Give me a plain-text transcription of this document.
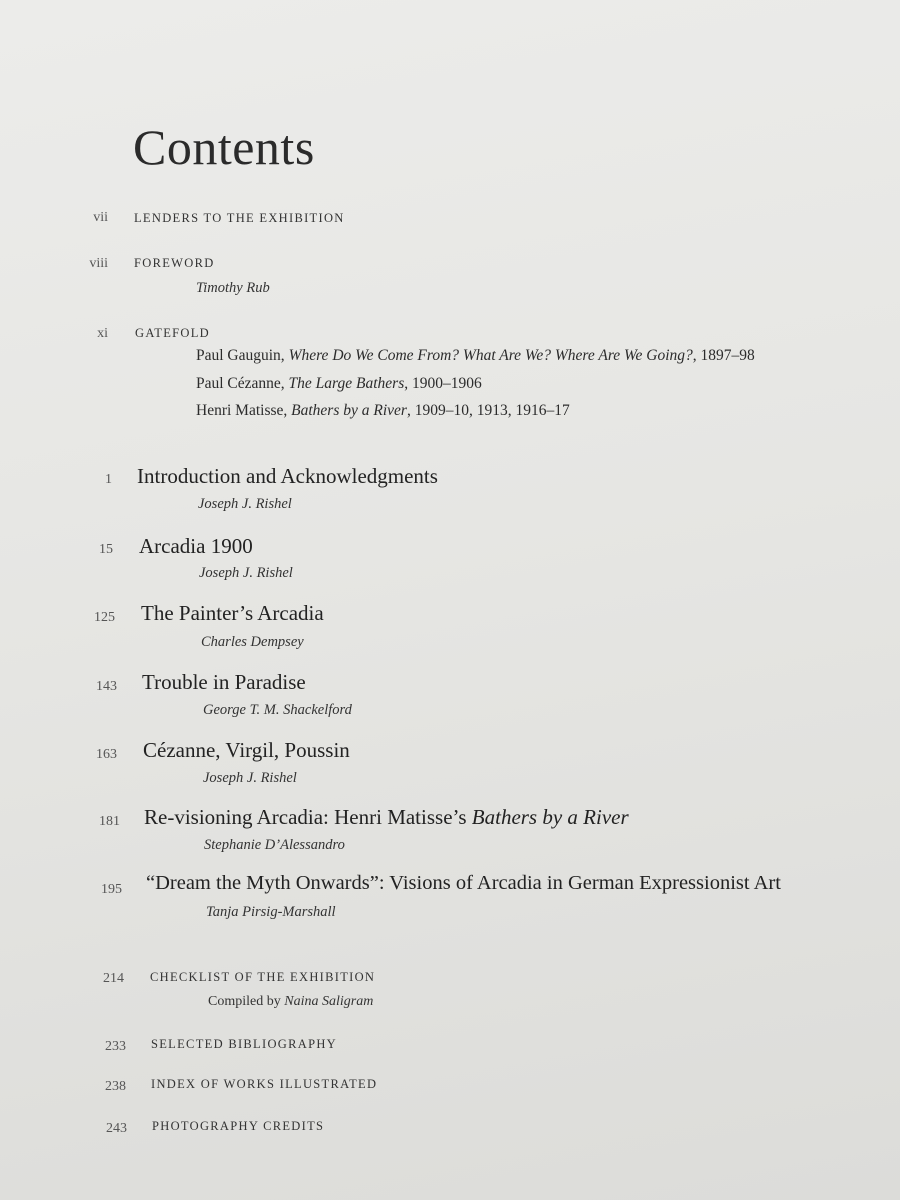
Contents
vii LENDERS TO THE EXHIBITION
viii FOREWORD
Timothy Rub
xi GATEFOLD
Paul Gauguin, Where Do We Come From? What Are We? Where Are We Going?, 1897–98
Paul Cézanne, The Large Bathers, 1900–1906
Henri Matisse, Bathers by a River, 1909–10, 1913, 1916–17
1 Introduction and Acknowledgments
Joseph J. Rishel
15 Arcadia 1900
Joseph J. Rishel
125 The Painter’s Arcadia
Charles Dempsey
143 Trouble in Paradise
George T. M. Shackelford
163 Cézanne, Virgil, Poussin
Joseph J. Rishel
181 Re-visioning Arcadia: Henri Matisse’s Bathers by a River
Stephanie D’Alessandro
195 “Dream the Myth Onwards”: Visions of Arcadia in German Expressionist Art
Tanja Pirsig-Marshall
214 CHECKLIST OF THE EXHIBITION
Compiled by Naina Saligram
233 SELECTED BIBLIOGRAPHY
238 INDEX OF WORKS ILLUSTRATED
243 PHOTOGRAPHY CREDITS
